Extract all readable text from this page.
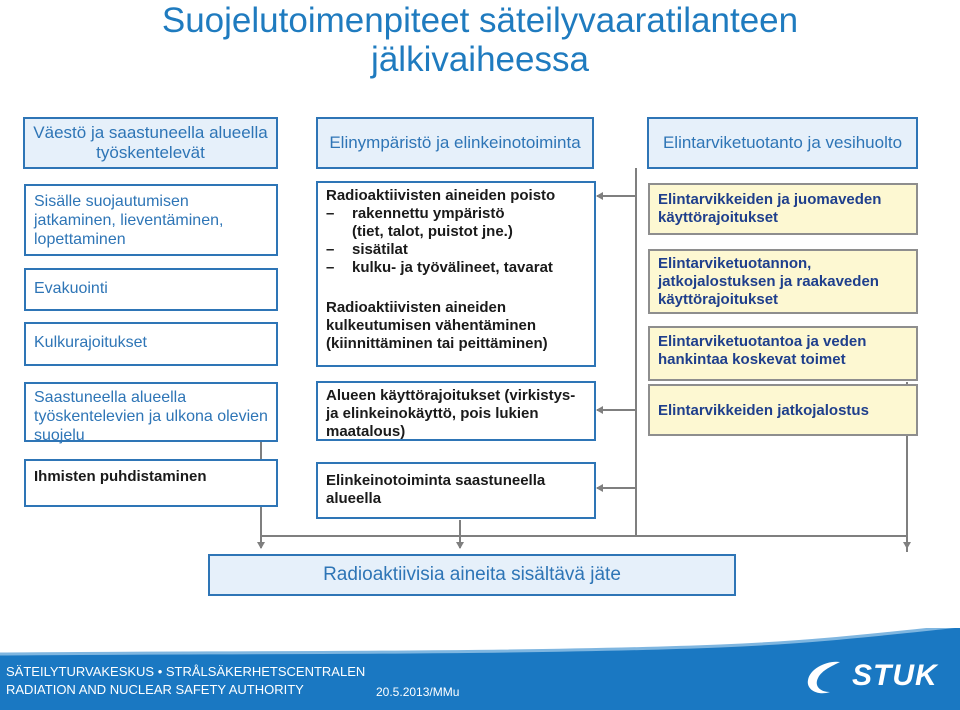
Suojelutoimenpiteet säteilyvaaratilanteen
jälkivaiheessa
Väestö ja saastuneella alueella työskentelevät
Elinympäristö ja elinkeinotoiminta	Elintarviketuotanto ja vesihuolto
Sisälle suojautumisen jatkaminen, lieventäminen, lopettaminen
Evakuointi
Kulkurajoitukset
Saastuneella alueella työskentelevien ja ulkona olevien suojelu
Ihmisten puhdistaminen
Radioaktiivisten aineiden poisto
– rakennettu ympäristö
(tiet, talot, puistot jne.)
– sisätilat
– kulku- ja työvälineet, tavarat
Radioaktiivisten aineiden kulkeutumisen vähentäminen (kiinnittäminen tai peittäminen)
Alueen käyttörajoitukset (virkistys- ja elinkeinokäyttö, pois lukien maatalous)
Elinkeinotoiminta saastuneella alueella
Elintarvikkeiden ja juomaveden käyttörajoitukset
Elintarviketuotannon, jatkojalostuksen ja raakaveden käyttörajoitukset
Elintarviketuotantoa ja veden hankintaa koskevat toimet
Elintarvikkeiden jatkojalostus
Radioaktiivisia aineita sisältävä jäte
SÄTEILYTURVAKESKUS • STRÅLSÄKERHETSCENTRALEN
RADIATION AND NUCLEAR SAFETY AUTHORITY	20.5.2013/MMu	STUK
